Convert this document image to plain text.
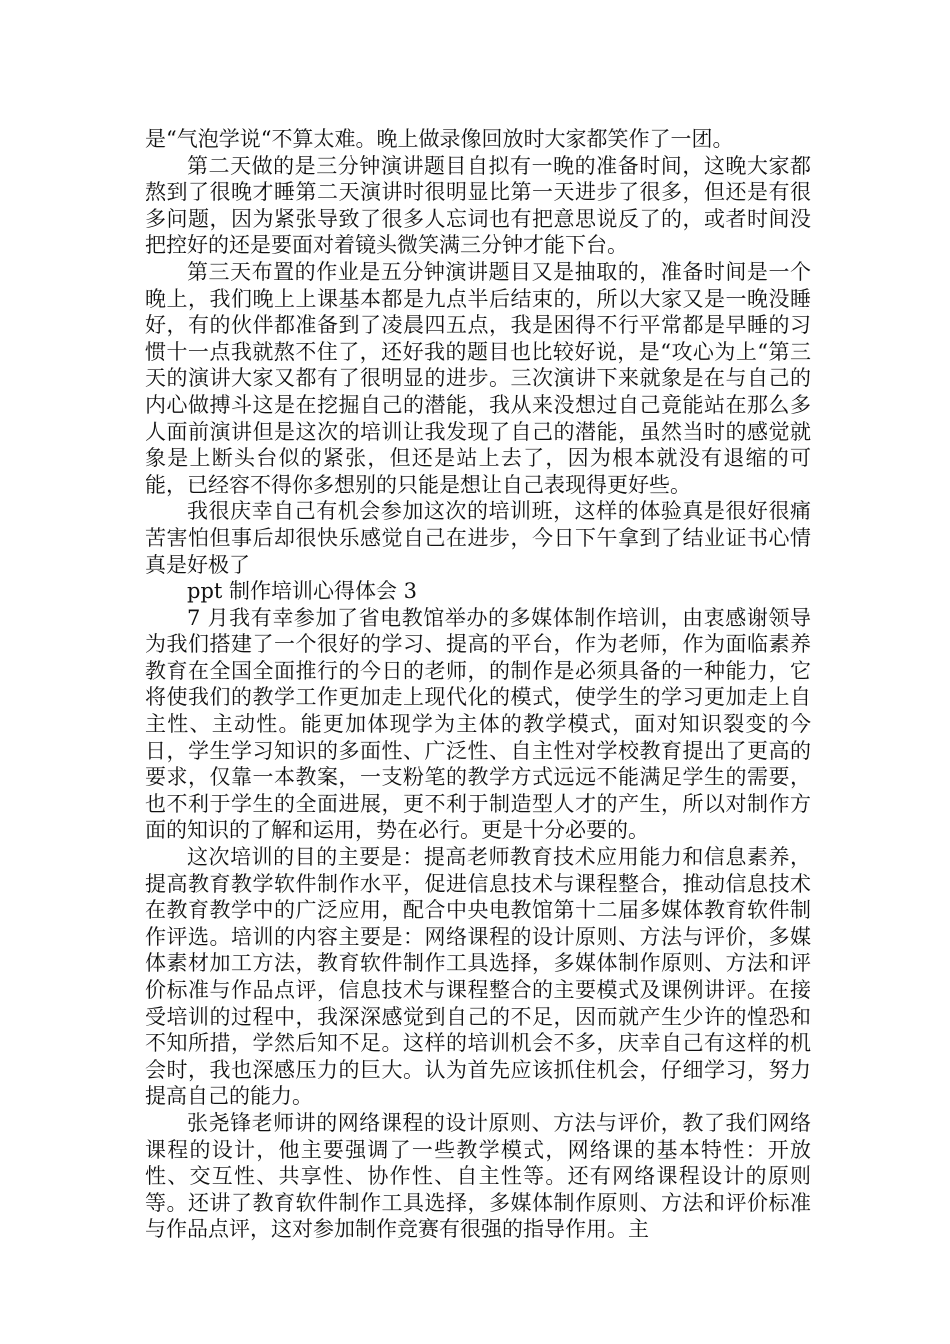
是“气泡学说“不算太难。晚上做录像回放时大家都笑作了一团。

第二天做的是三分钟演讲题目自拟有一晚的准备时间，这晚大家都熬到了很晚才睡第二天演讲时很明显比第一天进步了很多，但还是有很多问题，因为紧张导致了很多人忘词也有把意思说反了的，或者时间没把控好的还是要面对着镜头微笑满三分钟才能下台。

第三天布置的作业是五分钟演讲题目又是抽取的，准备时间是一个晚上，我们晚上上课基本都是九点半后结束的，所以大家又是一晚没睡好，有的伙伴都准备到了凌晨四五点，我是困得不行平常都是早睡的习惯十一点我就熬不住了，还好我的题目也比较好说，是“攻心为上“第三天的演讲大家又都有了很明显的进步。三次演讲下来就象是在与自己的内心做搏斗这是在挖掘自己的潜能，我从来没想过自己竟能站在那么多人面前演讲但是这次的培训让我发现了自己的潜能，虽然当时的感觉就象是上断头台似的紧张，但还是站上去了，因为根本就没有退缩的可能，已经容不得你多想别的只能是想让自己表现得更好些。

我很庆幸自己有机会参加这次的培训班，这样的体验真是很好很痛苦害怕但事后却很快乐感觉自己在进步，今日下午拿到了结业证书心情真是好极了

ppt 制作培训心得体会 3

7 月我有幸参加了省电教馆举办的多媒体制作培训，由衷感谢领导为我们搭建了一个很好的学习、提高的平台，作为老师，作为面临素养教育在全国全面推行的今日的老师，的制作是必须具备的一种能力，它将使我们的教学工作更加走上现代化的模式，使学生的学习更加走上自主性、主动性。能更加体现学为主体的教学模式，面对知识裂变的今日，学生学习知识的多面性、广泛性、自主性对学校教育提出了更高的要求，仅靠一本教案，一支粉笔的教学方式远远不能满足学生的需要，也不利于学生的全面进展，更不利于制造型人才的产生，所以对制作方面的知识的了解和运用，势在必行。更是十分必要的。

这次培训的目的主要是：提高老师教育技术应用能力和信息素养，提高教育教学软件制作水平，促进信息技术与课程整合，推动信息技术在教育教学中的广泛应用，配合中央电教馆第十二届多媒体教育软件制作评选。培训的内容主要是：网络课程的设计原则、方法与评价，多媒体素材加工方法，教育软件制作工具选择，多媒体制作原则、方法和评价标准与作品点评，信息技术与课程整合的主要模式及课例讲评。在接受培训的过程中，我深深感觉到自己的不足，因而就产生少许的惶恐和不知所措，学然后知不足。这样的培训机会不多，庆幸自己有这样的机会时，我也深感压力的巨大。认为首先应该抓住机会，仔细学习，努力提高自己的能力。

张尧锋老师讲的网络课程的设计原则、方法与评价，教了我们网络课程的设计，他主要强调了一些教学模式，网络课的基本特性：开放性、交互性、共享性、协作性、自主性等。还有网络课程设计的原则等。还讲了教育软件制作工具选择，多媒体制作原则、方法和评价标准与作品点评，这对参加制作竞赛有很强的指导作用。主
